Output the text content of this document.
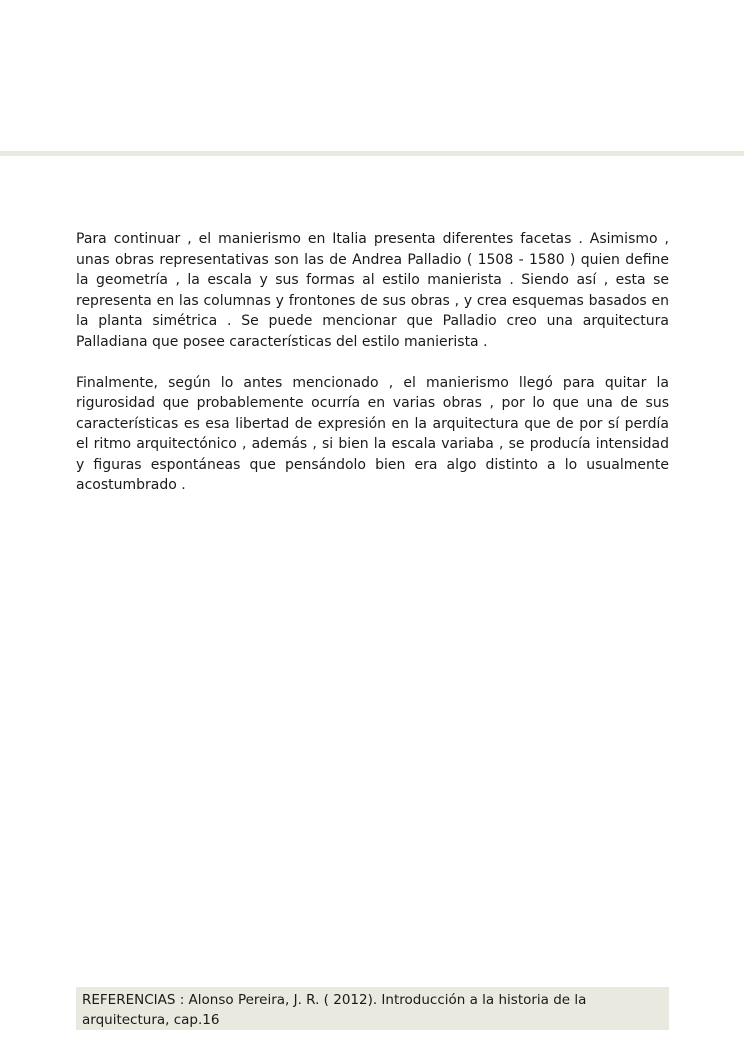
Para continuar , el manierismo en Italia presenta diferentes facetas . Asimismo , unas obras representativas son las de Andrea Palladio ( 1508 - 1580 ) quien define la geometría , la escala y sus formas al estilo manierista . Siendo así , esta se representa en las columnas y frontones de sus obras , y crea esquemas basados en la planta simétrica . Se puede mencionar que Palladio creo una arquitectura Palladiana que posee características del estilo manierista .

Finalmente, según lo antes mencionado , el manierismo llegó para quitar la rigurosidad que probablemente ocurría en varias obras , por lo que una de sus características es esa libertad de expresión en la arquitectura que de por sí perdía el ritmo arquitectónico , además , si bien la escala variaba , se producía intensidad y figuras espontáneas que pensándolo bien era algo distinto a lo usualmente acostumbrado .

REFERENCIAS : Alonso Pereira, J. R. ( 2012). Introducción a la historia de la arquitectura, cap.16
